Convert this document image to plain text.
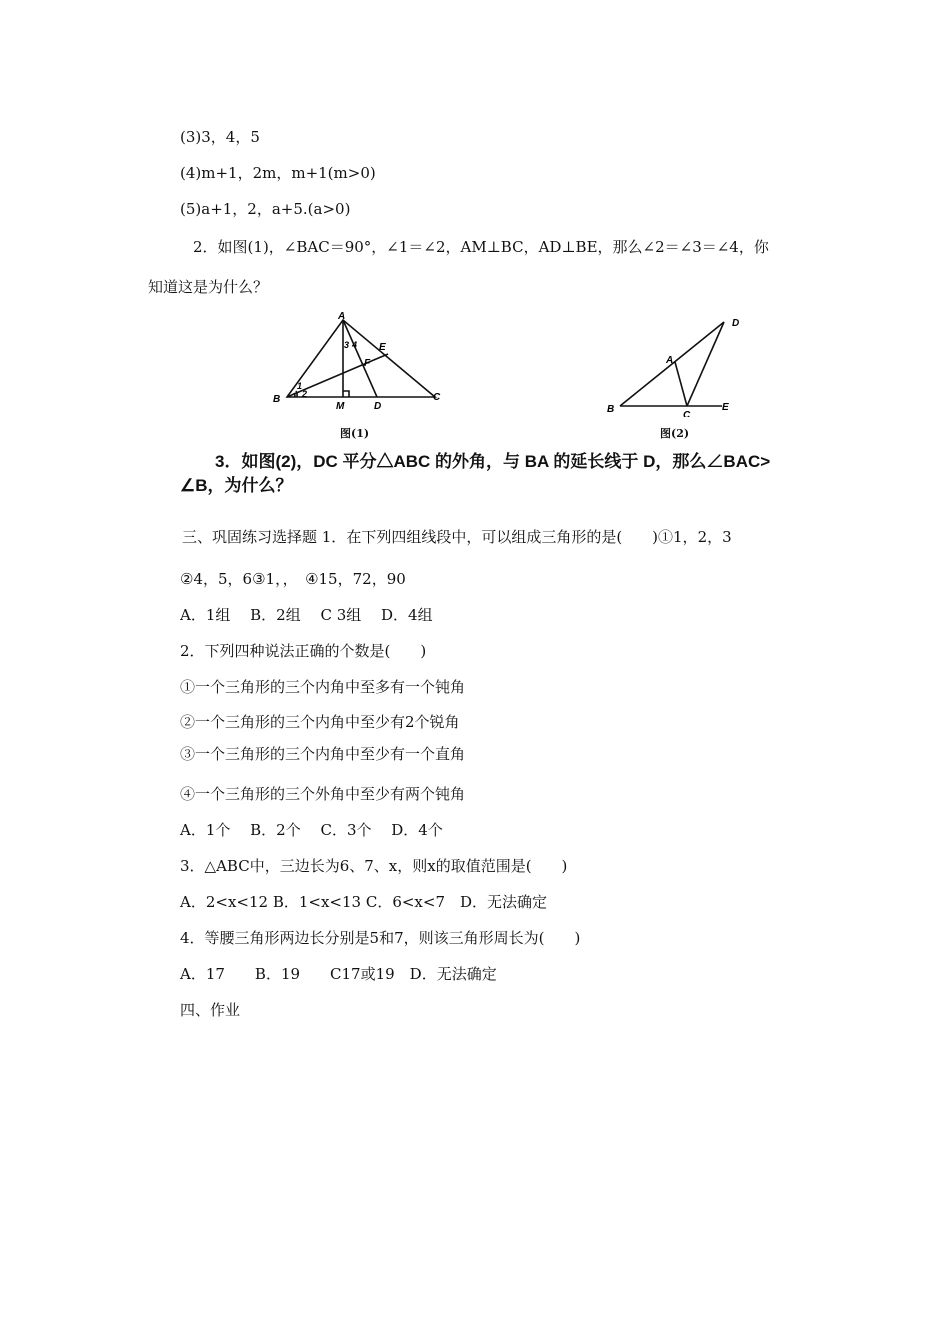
(3)3，4，5
(4)m+1，2m，m+1(m>0)
(5)a+1，2，a+5.(a>0)
2．如图(1)，∠BAC＝90°，∠1＝∠2，AM⊥BC，AD⊥BE，那么∠2＝∠3＝∠4，你
知道这是为什么？
A
B	C
M	D
E
F
1
2
3 4
图(1)
A
B
C
D
E
图(2)
3．如图(2)，DC 平分△ABC 的外角，与 BA 的延长线于 D，那么∠BAC>
∠B，为什么？
三、巩固练习选择题 1．在下列四组线段中，可以组成三角形的是(　　)①1，2，3
②4，5，6③1，，　④15，72，90
A．1组　 B．2组　 C 3组　 D．4组
2．下列四种说法正确的个数是(　　)
①一个三角形的三个内角中至多有一个钝角
②一个三角形的三个内角中至少有2个锐角
③一个三角形的三个内角中至少有一个直角
④一个三角形的三个外角中至少有两个钝角
A．1个　 B．2个　 C．3个　 D．4个
3．△ABC中，三边长为6、7、x，则x的取值范围是(　　)
A．2<x<12 B．1<x<13 C．6<x<7　D．无法确定
4．等腰三角形两边长分别是5和7，则该三角形周长为(　　)
A．17　　B．19　　C17或19　D．无法确定
四、作业
